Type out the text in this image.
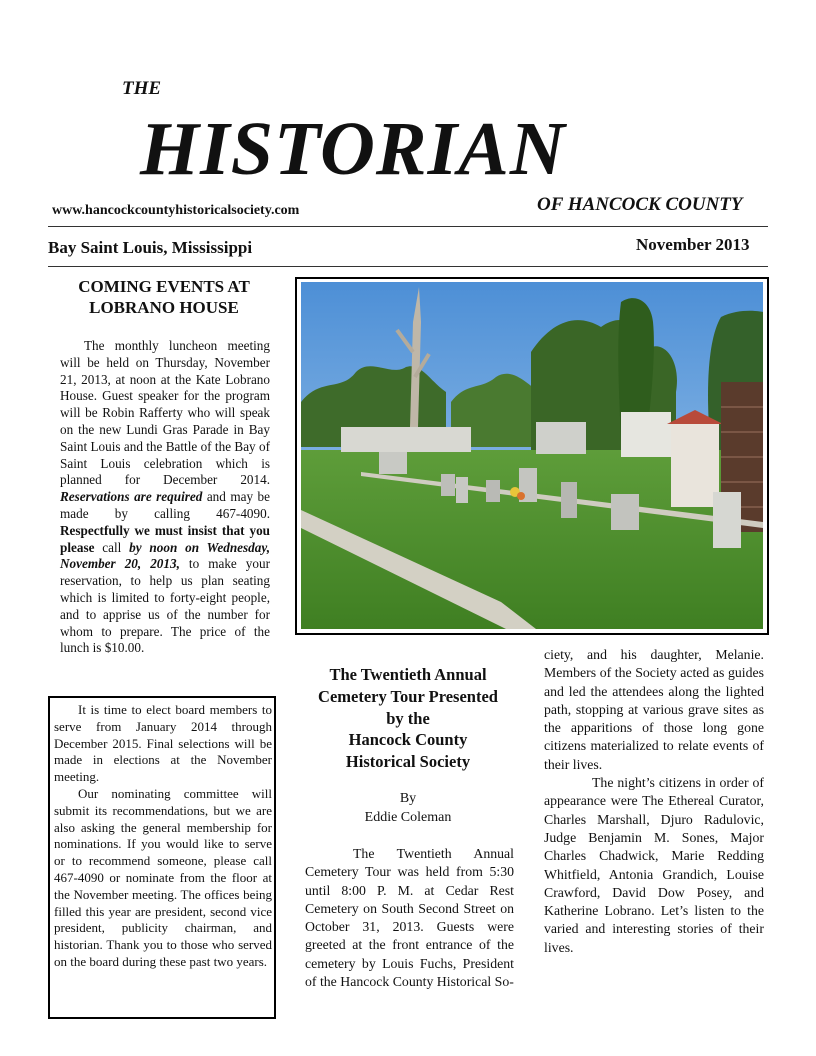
THE
HISTORIAN
www.hancockcountyhistoricalsociety.com	OF HANCOCK COUNTY
Bay Saint Louis, Mississippi	November 2013
COMING EVENTS AT
LOBRANO HOUSE

The monthly luncheon meeting will be held on Thursday, November 21, 2013, at noon at the Kate Lobrano House. Guest speaker for the program will be Robin Rafferty who will speak on the new Lundi Gras Parade in Bay Saint Louis and the Battle of the Bay of Saint Louis celebration which is planned for December 2014. Reservations are required and may be made by calling 467-4090. Respectfully we must insist that you please call by noon on Wednesday, November 20, 2013, to make your reservation, to help us plan seating which is limited to forty-eight people, and to apprise us of the number for whom to prepare. The price of the lunch is $10.00.

It is time to elect board members to serve from January 2014 through December 2015. Final selections will be made in elections at the November meeting.

Our nominating committee will submit its recommendations, but we are also asking the general membership for nominations. If you would like to serve or to recommend someone, please call 467-4090 or nominate from the floor at the November meeting. The offices being filled this year are president, second vice president, publicity chairman, and historian. Thank you to those who served on the board during these past two years.

The Twentieth Annual
Cemetery Tour Presented
by the
Hancock County
Historical Society
By
Eddie Coleman

The Twentieth Annual Cemetery Tour was held from 5:30 until 8:00 P. M. at Cedar Rest Cemetery on South Second Street on October 31, 2013. Guests were greeted at the front entrance of the cemetery by Louis Fuchs, President of the Hancock County Historical So-

ciety, and his daughter, Melanie. Members of the Society acted as guides and led the attendees along the lighted path, stopping at various grave sites as the apparitions of those long gone citizens materialized to relate events of their lives.

The night’s citizens in order of appearance were The Ethereal Curator, Charles Marshall, Djuro Radulovic, Judge Benjamin M. Sones, Major Charles Chadwick, Marie Redding Whitfield, Antonia Grandich, Louise Crawford, David Dow Posey, and Katherine Lobrano. Let’s listen to the varied and interesting stories of their lives.
